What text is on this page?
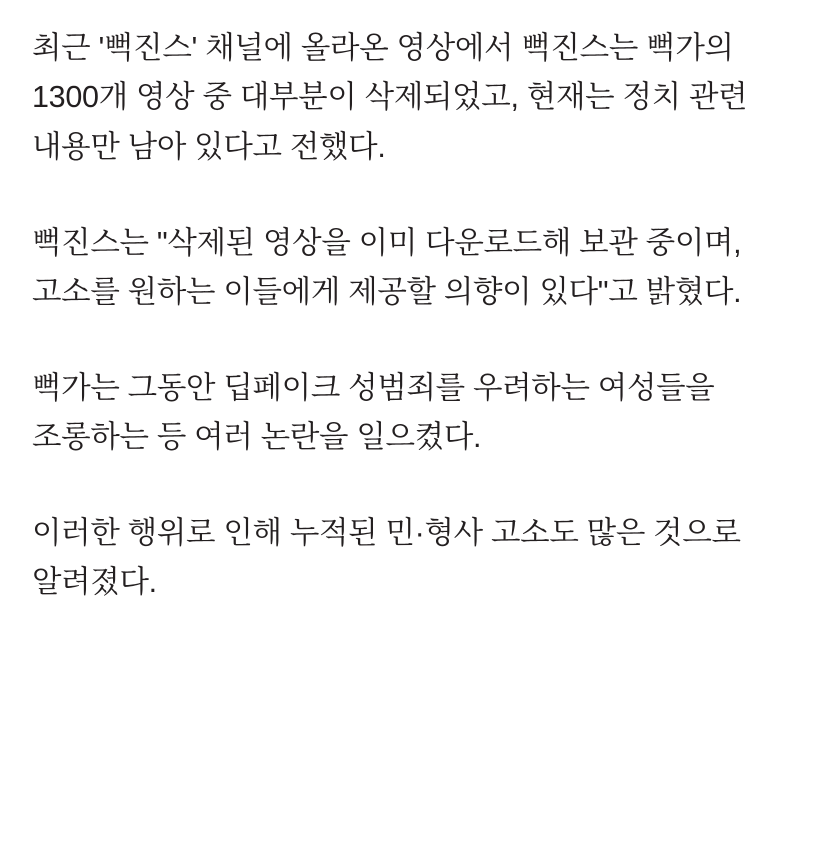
최근 '뻑진스' 채널에 올라온 영상에서 뻑진스는 뻑가의 1300개 영상 중 대부분이 삭제되었고, 현재는 정치 관련 내용만 남아 있다고 전했다.

뻑진스는 "삭제된 영상을 이미 다운로드해 보관 중이며, 고소를 원하는 이들에게 제공할 의향이 있다"고 밝혔다.

뻑가는 그동안 딥페이크 성범죄를 우려하는 여성들을 조롱하는 등 여러 논란을 일으켰다.

이러한 행위로 인해 누적된 민·형사 고소도 많은 것으로 알려졌다.
